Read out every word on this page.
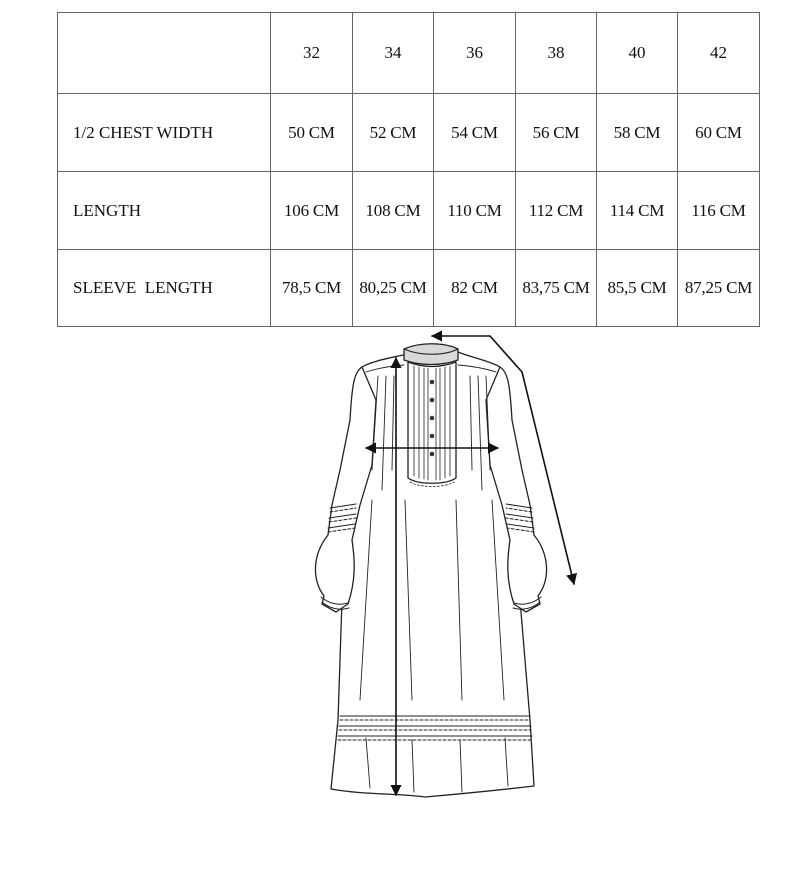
	32	34	36	38	40	42
1/2 CHEST WIDTH	50 CM	52 CM	54 CM	56 CM	58 CM	60 CM
LENGTH	106 CM	108 CM	110 CM	112 CM	114 CM	116 CM
SLEEVE  LENGTH	78,5 CM	80,25 CM	82 CM	83,75 CM	85,5 CM	87,25 CM
